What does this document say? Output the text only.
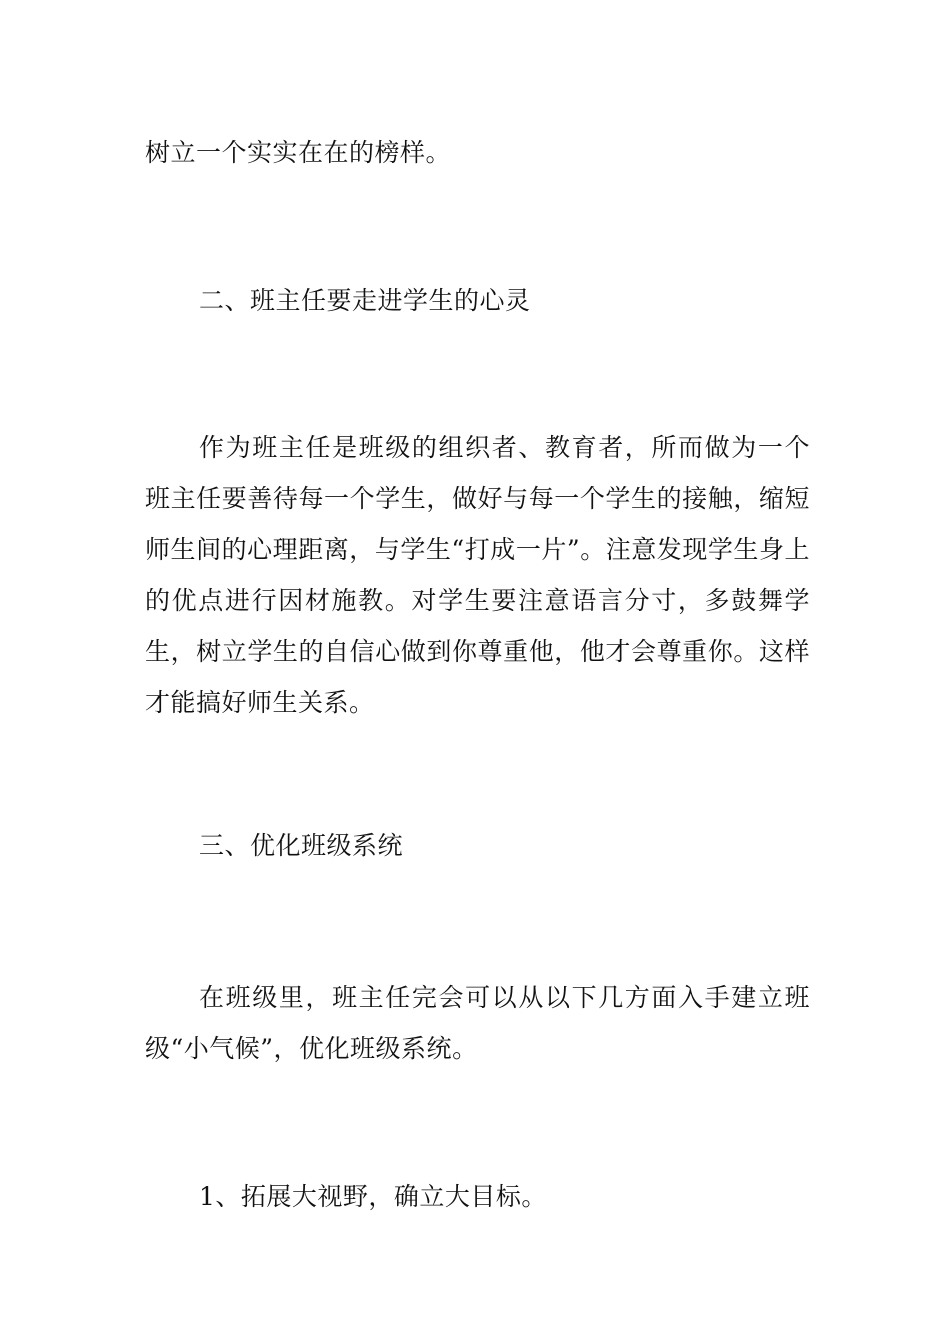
树立一个实实在在的榜样。

二、班主任要走进学生的心灵

作为班主任是班级的组织者、教育者，所而做为一个班主任要善待每一个学生，做好与每一个学生的接触，缩短师生间的心理距离，与学生“打成一片”。注意发现学生身上的优点进行因材施教。对学生要注意语言分寸，多鼓舞学生，树立学生的自信心做到你尊重他，他才会尊重你。这样才能搞好师生关系。

三、优化班级系统

在班级里，班主任完会可以从以下几方面入手建立班级“小气候”，优化班级系统。

1、拓展大视野，确立大目标。
